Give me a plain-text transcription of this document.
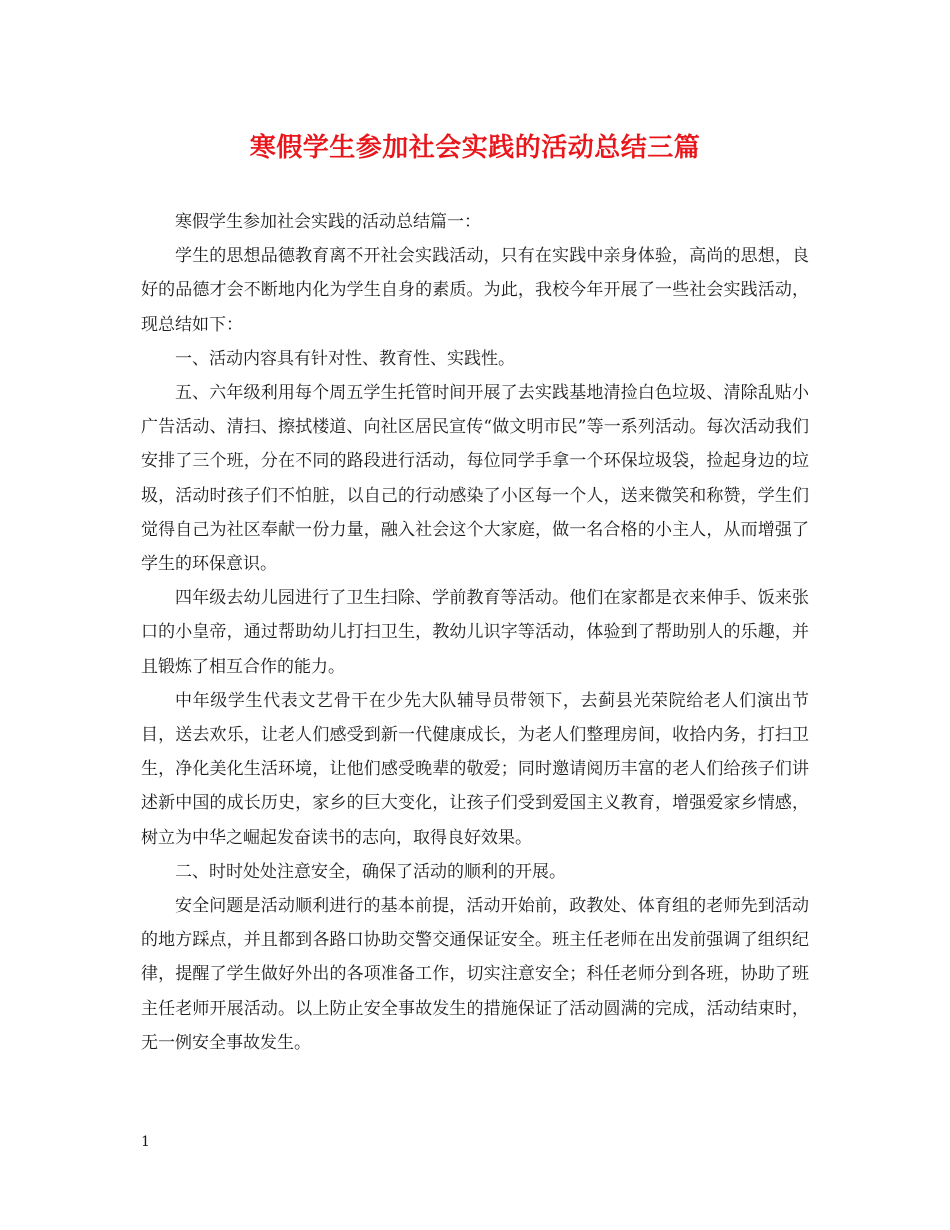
寒假学生参加社会实践的活动总结三篇

寒假学生参加社会实践的活动总结篇一：

学生的思想品德教育离不开社会实践活动，只有在实践中亲身体验，高尚的思想，良好的品德才会不断地内化为学生自身的素质。为此，我校今年开展了一些社会实践活动，现总结如下：

一、活动内容具有针对性、教育性、实践性。

五、六年级利用每个周五学生托管时间开展了去实践基地清捡白色垃圾、清除乱贴小广告活动、清扫、擦拭楼道、向社区居民宣传“做文明市民”等一系列活动。每次活动我们安排了三个班，分在不同的路段进行活动，每位同学手拿一个环保垃圾袋，捡起身边的垃圾，活动时孩子们不怕脏，以自己的行动感染了小区每一个人，送来微笑和称赞，学生们觉得自己为社区奉献一份力量，融入社会这个大家庭，做一名合格的小主人，从而增强了学生的环保意识。

四年级去幼儿园进行了卫生扫除、学前教育等活动。他们在家都是衣来伸手、饭来张口的小皇帝，通过帮助幼儿打扫卫生，教幼儿识字等活动，体验到了帮助别人的乐趣，并且锻炼了相互合作的能力。

中年级学生代表文艺骨干在少先大队辅导员带领下，去蓟县光荣院给老人们演出节目，送去欢乐，让老人们感受到新一代健康成长，为老人们整理房间，收拾内务，打扫卫生，净化美化生活环境，让他们感受晚辈的敬爱；同时邀请阅历丰富的老人们给孩子们讲述新中国的成长历史，家乡的巨大变化，让孩子们受到爱国主义教育，增强爱家乡情感，树立为中华之崛起发奋读书的志向，取得良好效果。

二、时时处处注意安全，确保了活动的顺利的开展。

安全问题是活动顺利进行的基本前提，活动开始前，政教处、体育组的老师先到活动的地方踩点，并且都到各路口协助交警交通保证安全。班主任老师在出发前强调了组织纪律，提醒了学生做好外出的各项准备工作，切实注意安全；科任老师分到各班，协助了班主任老师开展活动。以上防止安全事故发生的措施保证了活动圆满的完成，活动结束时，无一例安全事故发生。

1
